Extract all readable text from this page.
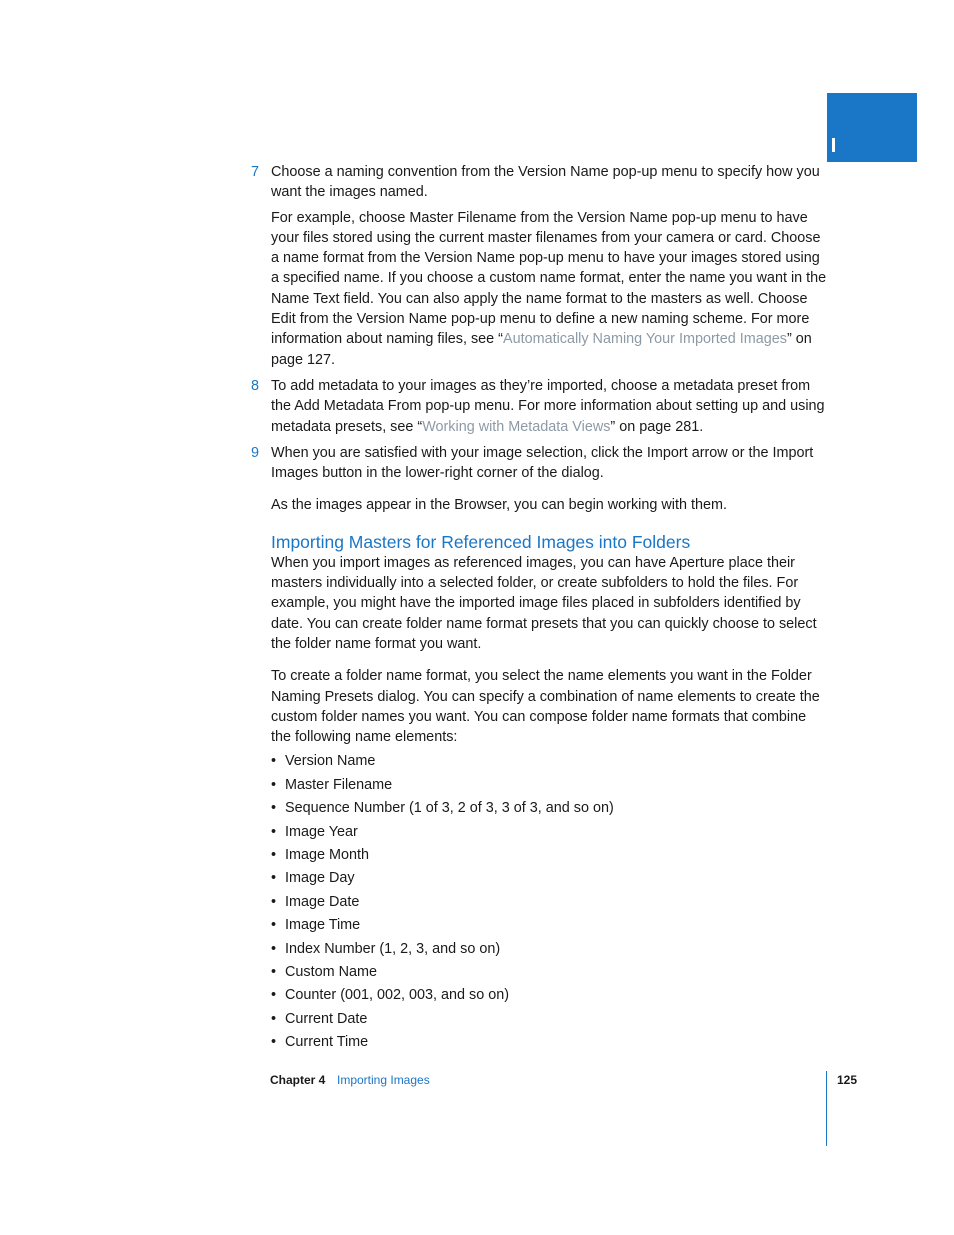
7 Choose a naming convention from the Version Name pop-up menu to specify how you want the images named.

For example, choose Master Filename from the Version Name pop-up menu to have your files stored using the current master filenames from your camera or card. Choose a name format from the Version Name pop-up menu to have your images stored using a specified name. If you choose a custom name format, enter the name you want in the Name Text field. You can also apply the name format to the masters as well. Choose Edit from the Version Name pop-up menu to define a new naming scheme. For more information about naming files, see “Automatically Naming Your Imported Images” on page 127.

8 To add metadata to your images as they’re imported, choose a metadata preset from the Add Metadata From pop-up menu. For more information about setting up and using metadata presets, see “Working with Metadata Views” on page 281.

9 When you are satisfied with your image selection, click the Import arrow or the Import Images button in the lower-right corner of the dialog.

As the images appear in the Browser, you can begin working with them.

Importing Masters for Referenced Images into Folders

When you import images as referenced images, you can have Aperture place their masters individually into a selected folder, or create subfolders to hold the files. For example, you might have the imported image files placed in subfolders identified by date. You can create folder name format presets that you can quickly choose to select the folder name format you want.

To create a folder name format, you select the name elements you want in the Folder Naming Presets dialog. You can specify a combination of name elements to create the custom folder names you want. You can compose folder name formats that combine the following name elements:

• Version Name
• Master Filename
• Sequence Number (1 of 3, 2 of 3, 3 of 3, and so on)
• Image Year
• Image Month
• Image Day
• Image Date
• Image Time
• Index Number (1, 2, 3, and so on)
• Custom Name
• Counter (001, 002, 003, and so on)
• Current Date
• Current Time
Chapter 4 Importing Images	125
